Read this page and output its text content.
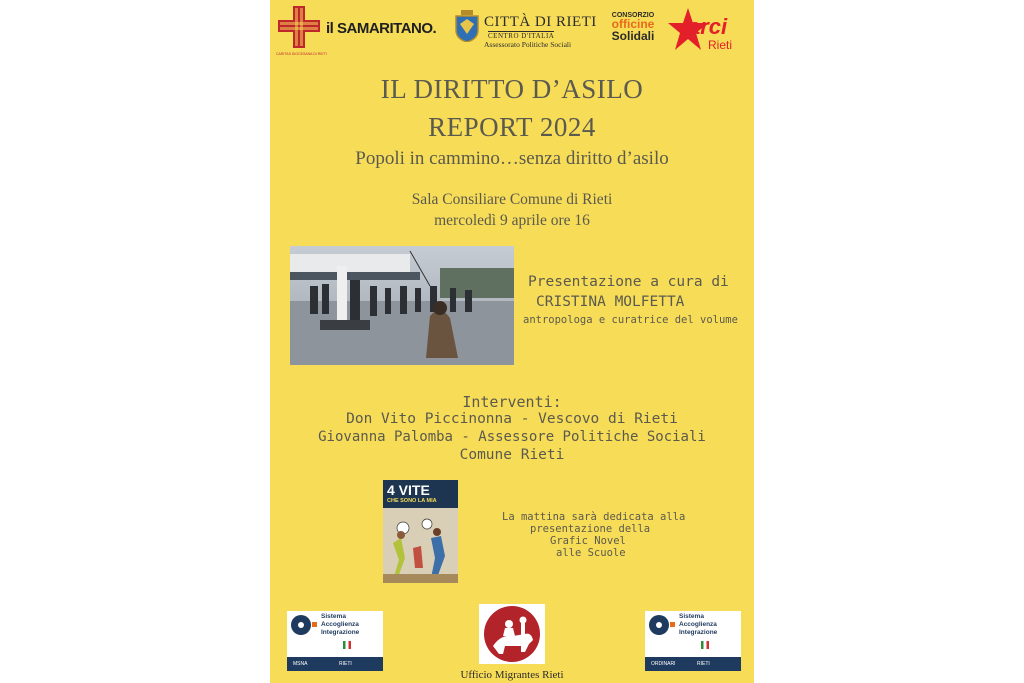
CARITAS DIOCESANA DI RIETI
il SAMARITANO.	CITTÀ DI RIETI
CENTRO D'ITALIA
Assessorato Politiche Sociali
CONSORZIO
officine
Solidali	arci
Rieti
IL DIRITTO D’ASILO
REPORT 2024
Popoli in cammino…senza diritto d’asilo
Sala Consiliare Comune di Rieti
mercoledì 9 aprile ore 16
Presentazione a cura di
CRISTINA MOLFETTA
antropologa e curatrice del volume
Interventi:
Don Vito Piccinonna - Vescovo di Rieti
Giovanna Palomba - Assessore Politiche Sociali
Comune Rieti
4 VITE
CHE SONO LA MIA
La mattina sarà dedicata alla
presentazione della
Grafic Novel
alle Scuole
Sistema
Accoglienza
Integrazione
MSNA	RIETI
Ufficio Migrantes Rieti
Sistema
Accoglienza
Integrazione
ORDINARI	RIETI
